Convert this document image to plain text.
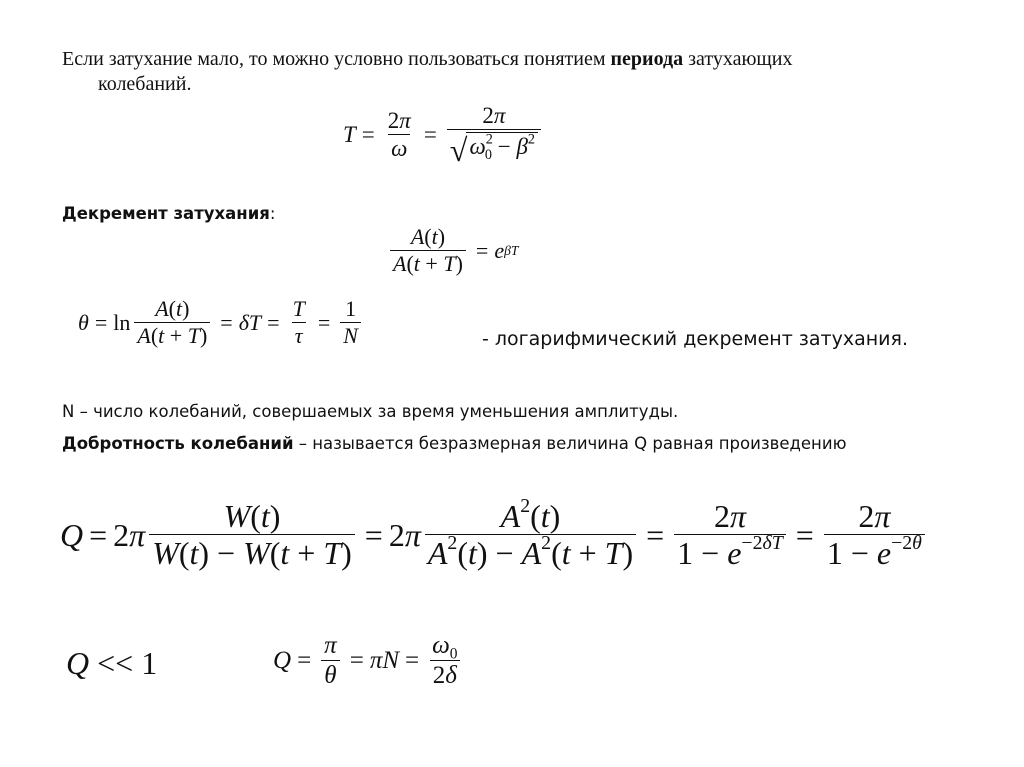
Если затухание мало, то можно условно пользоваться понятием периода затухающих
колебаний.
$T = \frac{2\pi}{\omega} = \frac{2\pi}{√ \omega^2_0 - \beta^2}$
Декремент затухания:
$\frac{A(t)}{A(t + T)} = e$ βT
$\theta = \ln \frac{A(t)}{A(t + T)} = \delta T = \frac{T}{\tau} = \frac{1}{N}$	- логарифмический декремент затухания.
N – число колебаний, совершаемых за время уменьшения амплитуды.
Добротность колебаний – называется безразмерная величина Q равная произведению
Q = 2 π $\frac{W(t)}{W(t) - W(t + T)} = 2$ π $\frac{A^2(t)}{A^2(t) - A^2(t + T)} = \frac{2\pi}{1 - e^{-2\delta T}} = \frac{2\pi}{1 - e^{-2\theta}}$
Q << 1	$Q = \frac{\pi}{\theta} = \pi N = \frac{\omega_0}{2\delta}$
